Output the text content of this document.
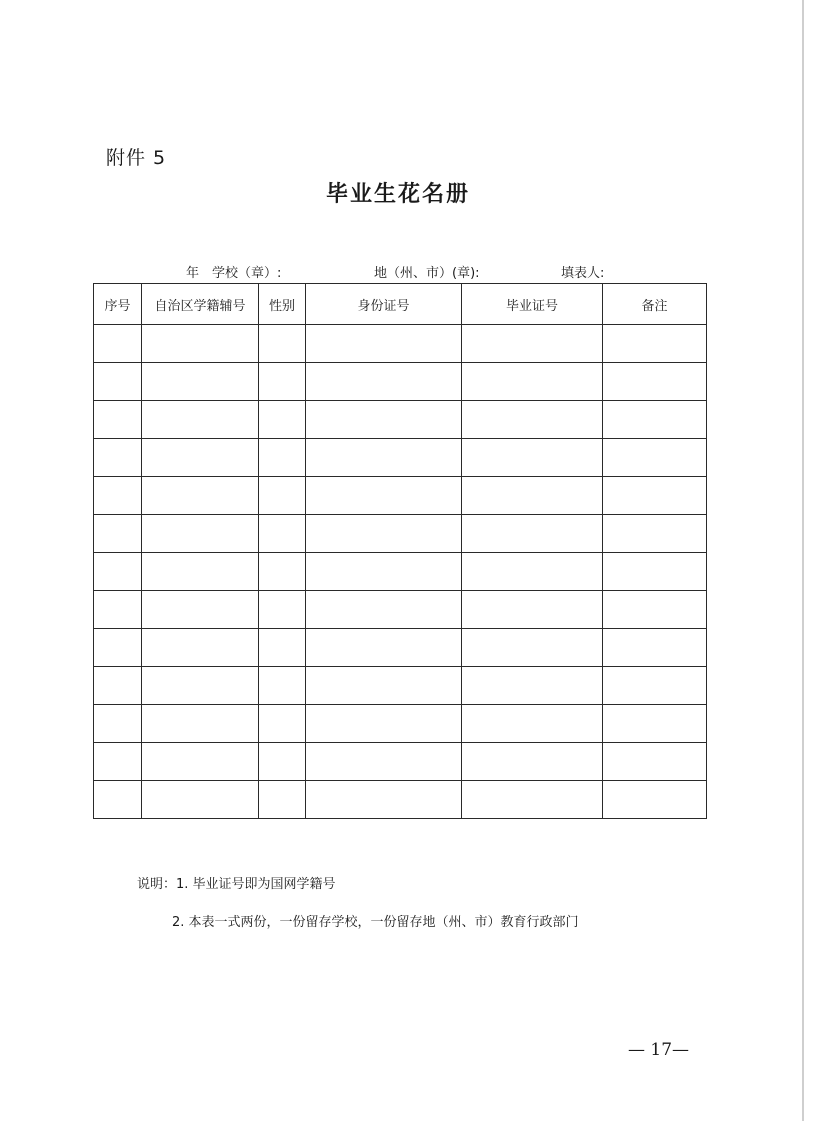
附件 5
毕业生花名册
年 学校（章）:	地（州、市）(章):	填表人:
序号	自治区学籍辅号	性别	身份证号	毕业证号	备注

说明：1. 毕业证号即为国网学籍号
2. 本表一式两份，一份留存学校，一份留存地（州、市）教育行政部门
— 17—
